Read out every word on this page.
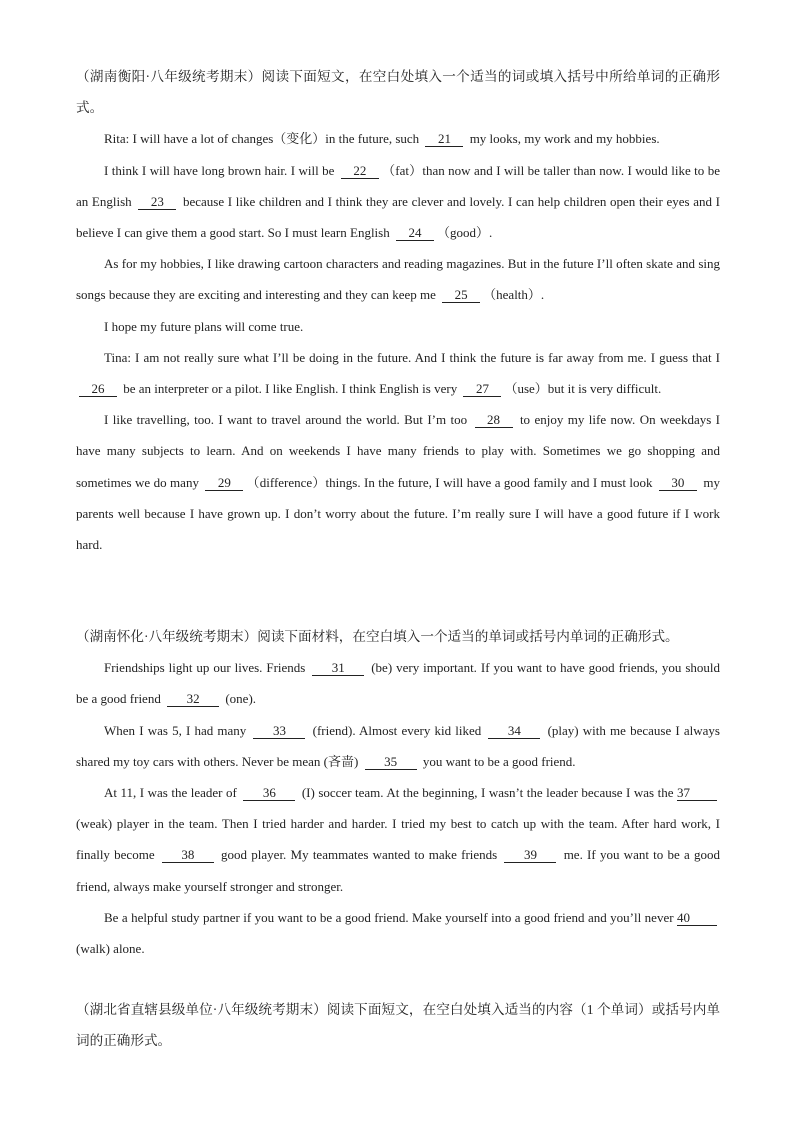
（湖南衡阳·八年级统考期末）阅读下面短文，在空白处填入一个适当的词或填入括号中所给单词的正确形式。

Rita: I will have a lot of changes（变化）in the future, such 21 my looks, my work and my hobbies.

I think I will have long brown hair. I will be 22 （fat）than now and I will be taller than now. I would like to be an English 23 because I like children and I think they are clever and lovely. I can help children open their eyes and I believe I can give them a good start. So I must learn English 24 （good）.

As for my hobbies, I like drawing cartoon characters and reading magazines. But in the future I’ll often skate and sing songs because they are exciting and interesting and they can keep me 25 （health）.

I hope my future plans will come true.

Tina: I am not really sure what I’ll be doing in the future. And I think the future is far away from me. I guess that I 26 be an interpreter or a pilot. I like English. I think English is very 27 （use）but it is very difficult.

I like travelling, too. I want to travel around the world. But I’m too 28 to enjoy my life now. On weekdays I have many subjects to learn. And on weekends I have many friends to play with. Sometimes we go shopping and sometimes we do many 29 （difference）things. In the future, I will have a good family and I must look 30 my parents well because I have grown up. I don’t worry about the future. I’m really sure I will have a good future if I work hard.

（湖南怀化·八年级统考期末）阅读下面材料，在空白填入一个适当的单词或括号内单词的正确形式。

Friendships light up our lives. Friends 31 (be) very important. If you want to have good friends, you should be a good friend 32 (one).

When I was 5, I had many 33 (friend). Almost every kid liked 34 (play) with me because I always shared my toy cars with others. Never be mean (吝啬) 35 you want to be a good friend.

At 11, I was the leader of 36 (I) soccer team. At the beginning, I wasn’t the leader because I was the 37 (weak) player in the team. Then I tried harder and harder. I tried my best to catch up with the team. After hard work, I finally become 38 good player. My teammates wanted to make friends 39 me. If you want to be a good friend, always make yourself stronger and stronger.

Be a helpful study partner if you want to be a good friend. Make yourself into a good friend and you’ll never 40 (walk) alone.

（湖北省直辖县级单位·八年级统考期末）阅读下面短文，在空白处填入适当的内容（1 个单词）或括号内单词的正确形式。
